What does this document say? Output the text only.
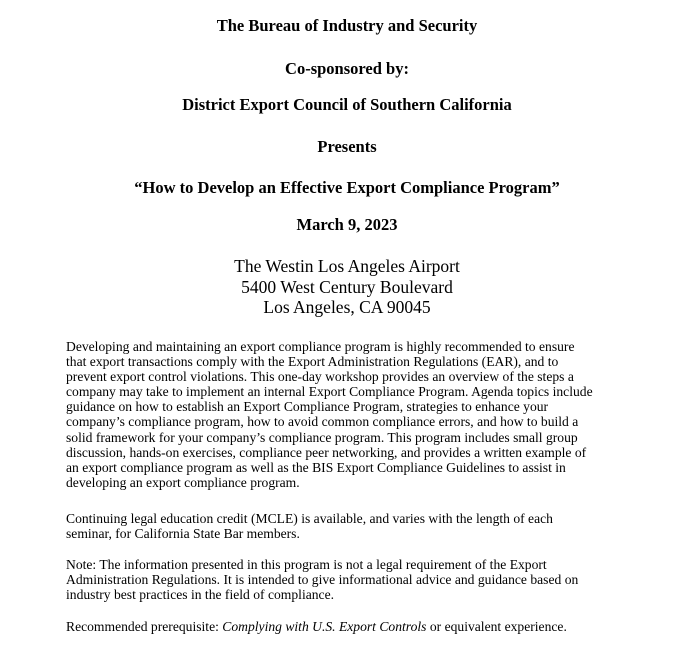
The Bureau of Industry and Security
Co-sponsored by:
District Export Council of Southern California
Presents
“How to Develop an Effective Export Compliance Program”
March 9, 2023
The Westin Los Angeles Airport
5400 West Century Boulevard
Los Angeles, CA 90045

Developing and maintaining an export compliance program is highly recommended to ensure
that export transactions comply with the Export Administration Regulations (EAR), and to
prevent export control violations. This one-day workshop provides an overview of the steps a
company may take to implement an internal Export Compliance Program. Agenda topics include
guidance on how to establish an Export Compliance Program, strategies to enhance your
company’s compliance program, how to avoid common compliance errors, and how to build a
solid framework for your company’s compliance program. This program includes small group
discussion, hands-on exercises, compliance peer networking, and provides a written example of
an export compliance program as well as the BIS Export Compliance Guidelines to assist in
developing an export compliance program.

Continuing legal education credit (MCLE) is available, and varies with the length of each
seminar, for California State Bar members.

Note: The information presented in this program is not a legal requirement of the Export
Administration Regulations. It is intended to give informational advice and guidance based on
industry best practices in the field of compliance.

Recommended prerequisite: Complying with U.S. Export Controls or equivalent experience.
